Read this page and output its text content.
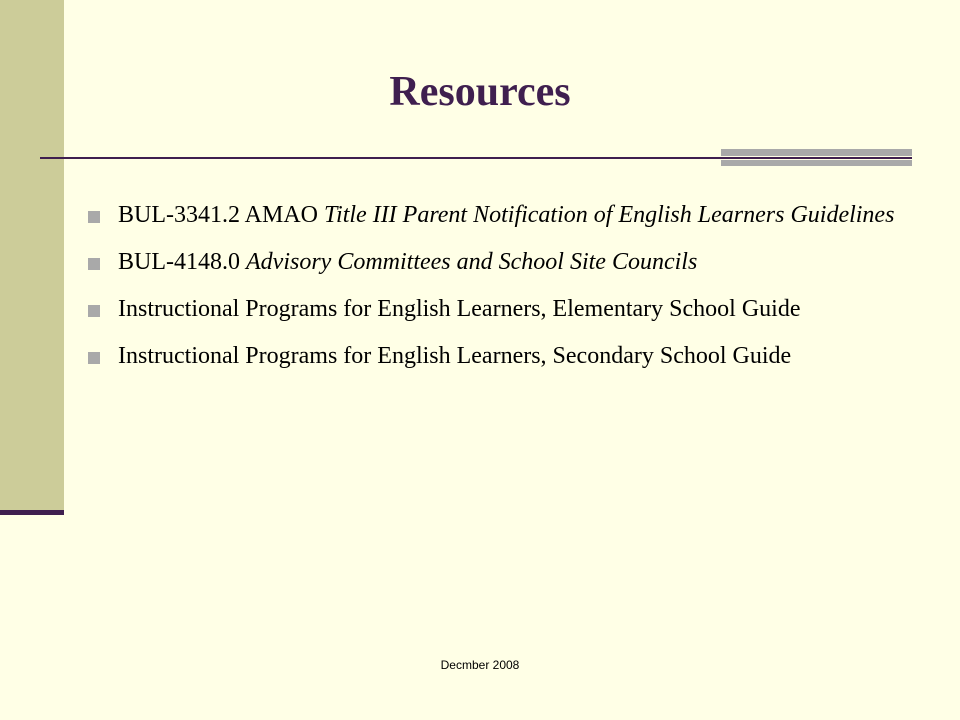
Resources
BUL-3341.2 AMAO Title III Parent Notification of English Learners Guidelines
BUL-4148.0 Advisory Committees and School Site Councils
Instructional Programs for English Learners, Elementary School Guide
Instructional Programs for English Learners, Secondary School Guide
Decmber 2008
